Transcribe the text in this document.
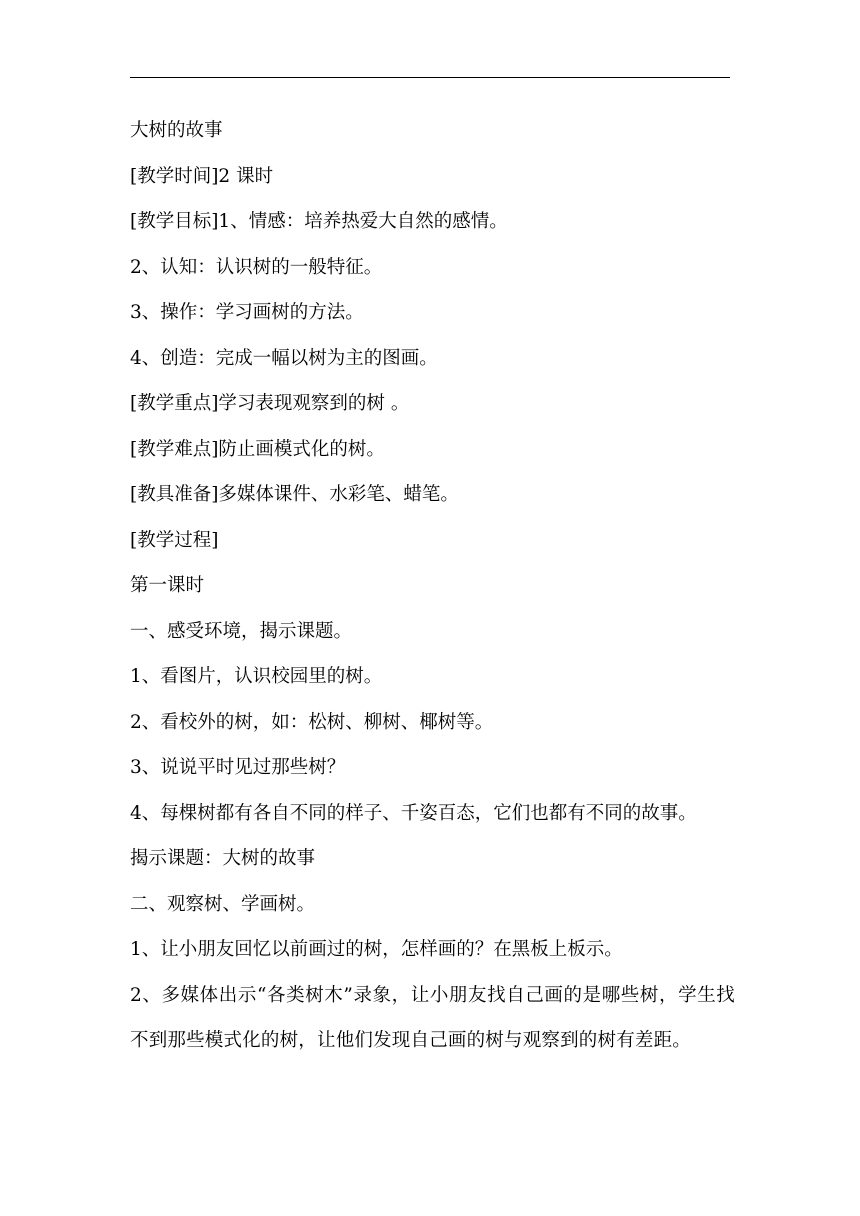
大树的故事

[教学时间]2 课时

[教学目标]1、情感：培养热爱大自然的感情。

2、认知：认识树的一般特征。

3、操作：学习画树的方法。

4、创造：完成一幅以树为主的图画。

[教学重点]学习表现观察到的树 。

[教学难点]防止画模式化的树。

[教具准备]多媒体课件、水彩笔、蜡笔。

[教学过程]

第一课时

一、感受环境，揭示课题。

1、看图片，认识校园里的树。

2、看校外的树，如：松树、柳树、椰树等。

3、说说平时见过那些树？

4、每棵树都有各自不同的样子、千姿百态，它们也都有不同的故事。

揭示课题：大树的故事

二、观察树、学画树。

1、让小朋友回忆以前画过的树，怎样画的？在黑板上板示。

2、多媒体出示“各类树木”录象，让小朋友找自己画的是哪些树，学生找不到那些模式化的树，让他们发现自己画的树与观察到的树有差距。
